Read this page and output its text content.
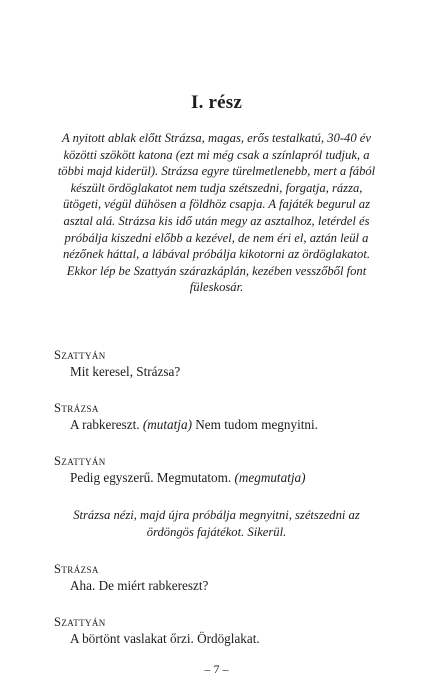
I. rész

A nyitott ablak előtt Strázsa, magas, erős testalkatú, 30-40 év közötti szökött katona (ezt mi még csak a színlapról tudjuk, a többi majd kiderül). Strázsa egyre türelmetlenebb, mert a fából készült ördöglakatot nem tudja szétszedni, forgatja, rázza, ütögeti, végül dühösen a földhöz csapja. A fajáték begurul az asztal alá. Strázsa kis idő után megy az asztalhoz, letérdel és próbálja kiszedni előbb a kezével, de nem éri el, aztán leül a nézőnek háttal, a lábával próbálja kikotorni az ördöglakatot. Ekkor lép be Szattyán szárazkáplán, kezében vesszőből font füleskosár.

Szattyán

Mit keresel, Strázsa?

Strázsa

A rabkereszt. (mutatja) Nem tudom megnyitni.

Szattyán

Pedig egyszerű. Megmutatom. (megmutatja)

Strázsa nézi, majd újra próbálja megnyitni, szétszedni az ördöngös fajátékot. Sikerül.

Strázsa

Aha. De miért rabkereszt?

Szattyán

A börtönt vaslakat őrzi. Ördöglakat.

– 7 –
